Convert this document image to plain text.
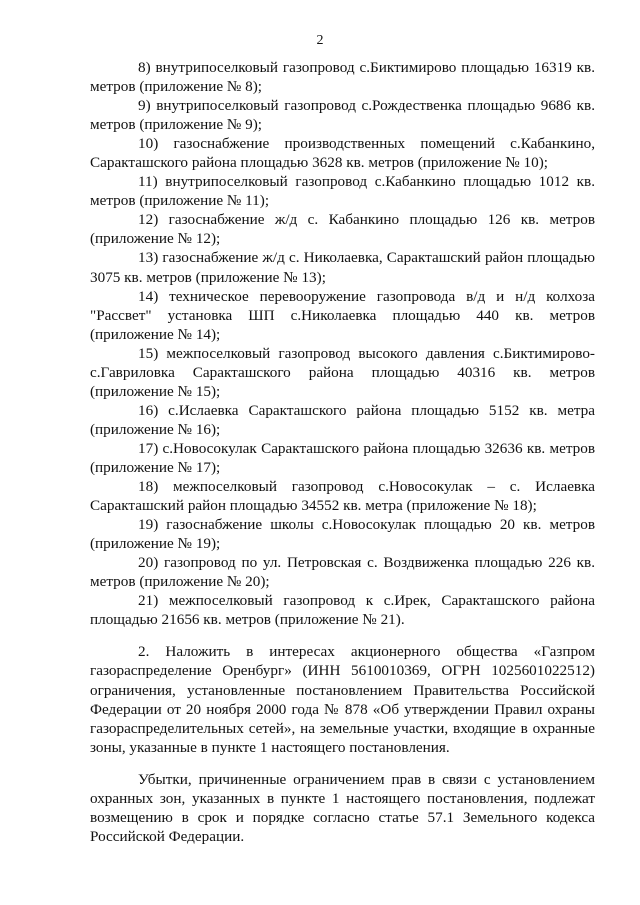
2

8) внутрипоселковый газопровод с.Биктимирово площадью 16319 кв. метров (приложение № 8);

9) внутрипоселковый газопровод с.Рождественка площадью 9686 кв. метров (приложение № 9);

10) газоснабжение производственных помещений с.Кабанкино, Саракташского района площадью 3628 кв. метров (приложение № 10);

11) внутрипоселковый газопровод с.Кабанкино площадью 1012 кв. метров (приложение № 11);

12) газоснабжение ж/д с. Кабанкино площадью 126 кв. метров (приложение № 12);

13) газоснабжение ж/д с. Николаевка, Саракташский район площадью 3075 кв. метров (приложение № 13);

14) техническое перевооружение газопровода в/д и н/д колхоза "Рассвет" установка ШП с.Николаевка площадью 440 кв. метров (приложение № 14);

15) межпоселковый газопровод высокого давления с.Биктимирово-с.Гавриловка Саракташского района площадью 40316 кв. метров (приложение № 15);

16) с.Ислаевка Саракташского района площадью 5152 кв. метра (приложение № 16);

17) с.Новосокулак Саракташского района площадью 32636 кв. метров (приложение № 17);

18) межпоселковый газопровод с.Новосокулак – с. Ислаевка Саракташский район площадью 34552 кв. метра (приложение № 18);

19) газоснабжение школы с.Новосокулак площадью 20 кв. метров (приложение № 19);

20) газопровод по ул. Петровская с. Воздвиженка площадью 226 кв. метров (приложение № 20);

21) межпоселковый газопровод к с.Ирек, Саракташского района площадью 21656 кв. метров (приложение № 21).

2. Наложить в интересах акционерного общества «Газпром газораспределение Оренбург» (ИНН 5610010369, ОГРН 1025601022512) ограничения, установленные постановлением Правительства Российской Федерации от 20 ноября 2000 года № 878 «Об утверждении Правил охраны газораспределительных сетей», на земельные участки, входящие в охранные зоны, указанные в пункте 1 настоящего постановления.

Убытки, причиненные ограничением прав в связи с установлением охранных зон, указанных в пункте 1 настоящего постановления, подлежат возмещению в срок и порядке согласно статье 57.1 Земельного кодекса Российской Федерации.
